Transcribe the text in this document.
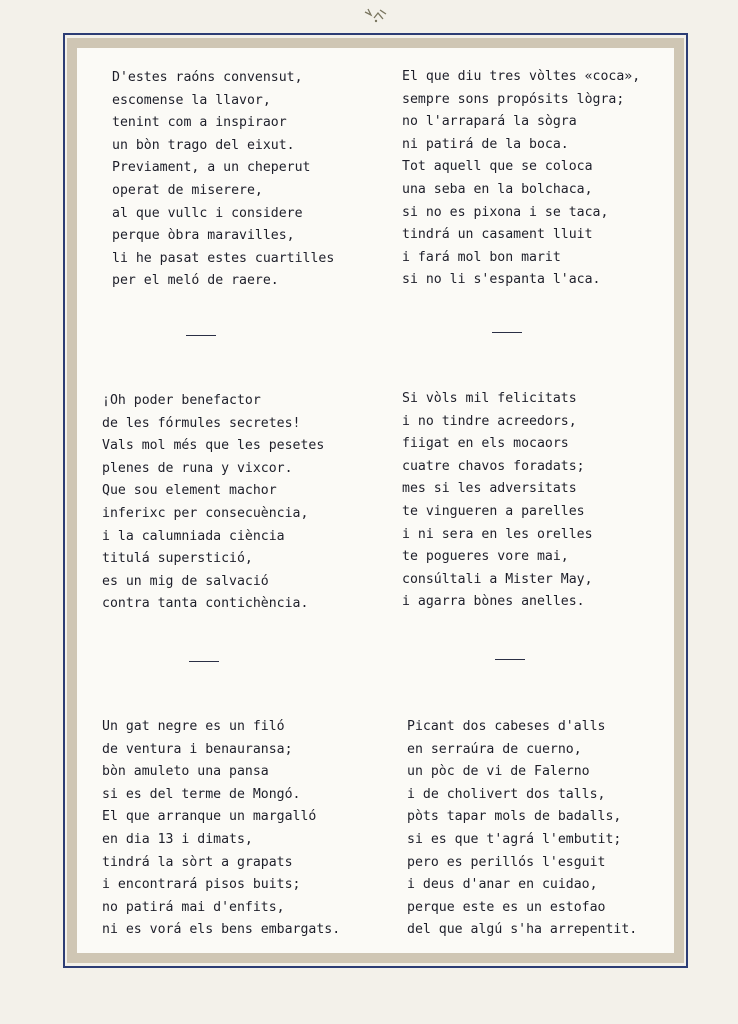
D'estes raóns convensut,
escomense la llavor,
tenint com a inspiraor
un bòn trago del eixut.
Previament, a un cheperut
operat de miserere,
al que vullc i considere
perque òbra maravilles,
li he pasat estes cuartilles
per el meló de raere.
El que diu tres vòltes «coca»,
sempre sons propósits lògra;
no l'arrapará la sògra
ni patirá de la boca.
Tot aquell que se coloca
una seba en la bolchaca,
si no es pixona i se taca,
tindrá un casament lluit
i fará mol bon marit
si no li s'espanta l'aca.
¡Oh poder benefactor
de les fórmules secretes!
Vals mol més que les pesetes
plenes de runa y vixcor.
Que sou element machor
inferixc per consecuència,
i la calumniada ciència
titulá superstició,
es un mig de salvació
contra tanta contichència.
Si vòls mil felicitats
i no tindre acreedors,
fiigat en els mocaors
cuatre chavos foradats;
mes si les adversitats
te vingueren a parelles
i ni sera en les orelles
te pogueres vore mai,
consúltali a Mister May,
i agarra bònes anelles.
Un gat negre es un filó
de ventura i benauransa;
bòn amuleto una pansa
si es del terme de Mongó.
El que arranque un margalló
en dia 13 i dimats,
tindrá la sòrt a grapats
i encontrará pisos buits;
no patirá mai d'enfits,
ni es vorá els bens embargats.
Picant dos cabeses d'alls
en serraúra de cuerno,
un pòc de vi de Falerno
i de cholivert dos talls,
pòts tapar mols de badalls,
si es que t'agrá l'embutit;
pero es perillós l'esguit
i deus d'anar en cuidao,
perque este es un estofao
del que algú s'ha arrepentit.
